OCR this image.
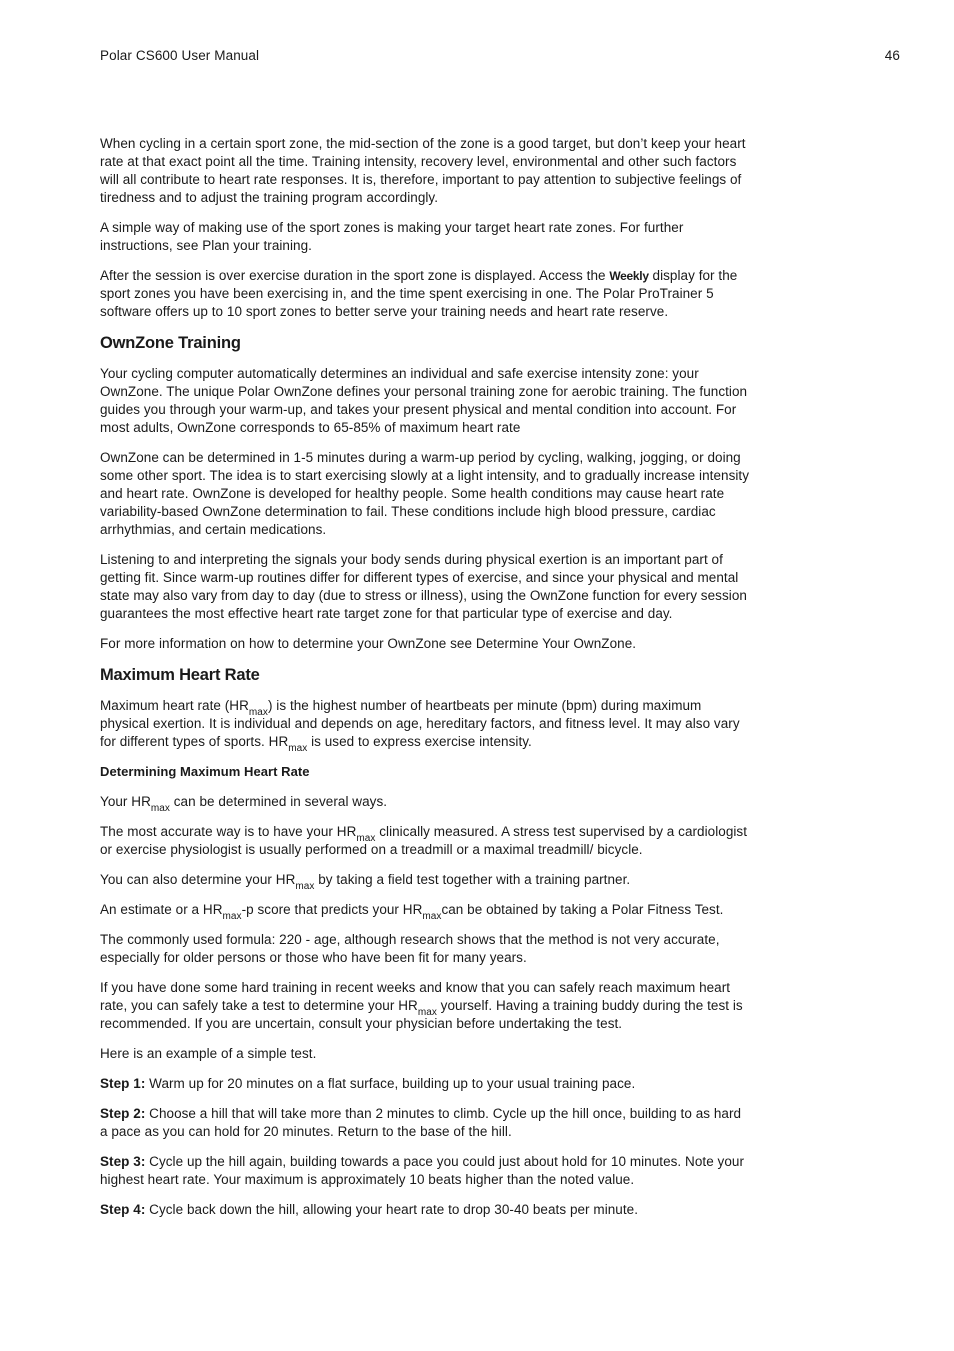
Polar CS600 User Manual	46

When cycling in a certain sport zone, the mid-section of the zone is a good target, but don’t keep your heart rate at that exact point all the time. Training intensity, recovery level, environmental and other such factors will all contribute to heart rate responses. It is, therefore, important to pay attention to subjective feelings of tiredness and to adjust the training program accordingly.

A simple way of making use of the sport zones is making your target heart rate zones. For further instructions, see Plan your training.

After the session is over exercise duration in the sport zone is displayed. Access the Weekly display for the sport zones you have been exercising in, and the time spent exercising in one. The Polar ProTrainer 5 software offers up to 10 sport zones to better serve your training needs and heart rate reserve.

OwnZone Training

Your cycling computer automatically determines an individual and safe exercise intensity zone: your OwnZone. The unique Polar OwnZone defines your personal training zone for aerobic training. The function guides you through your warm-up, and takes your present physical and mental condition into account. For most adults, OwnZone corresponds to 65-85% of maximum heart rate

OwnZone can be determined in 1-5 minutes during a warm-up period by cycling, walking, jogging, or doing some other sport. The idea is to start exercising slowly at a light intensity, and to gradually increase intensity and heart rate. OwnZone is developed for healthy people. Some health conditions may cause heart rate variability-based OwnZone determination to fail. These conditions include high blood pressure, cardiac arrhythmias, and certain medications.

Listening to and interpreting the signals your body sends during physical exertion is an important part of getting fit. Since warm-up routines differ for different types of exercise, and since your physical and mental state may also vary from day to day (due to stress or illness), using the OwnZone function for every session guarantees the most effective heart rate target zone for that particular type of exercise and day.

For more information on how to determine your OwnZone see Determine Your OwnZone.

Maximum Heart Rate

Maximum heart rate $(HR_{max})$ is the highest number of heartbeats per minute (bpm) during maximum physical exertion. It is individual and depends on age, hereditary factors, and fitness level. It may also vary for different types of sports. $HR_{max}$ is used to express exercise intensity.

Determining Maximum Heart Rate

Your $HR_{max}$ can be determined in several ways.

The most accurate way is to have your $HR_{max}$ clinically measured. A stress test supervised by a cardiologist or exercise physiologist is usually performed on a treadmill or a maximal treadmill/ bicycle.

You can also determine your $HR_{max}$ by taking a field test together with a training partner.

An estimate or a $HR_{max}-p$ score that predicts your $HR_{max}can$ be obtained by taking a Polar Fitness Test.

The commonly used formula: 220 - age, although research shows that the method is not very accurate, especially for older persons or those who have been fit for many years.

If you have done some hard training in recent weeks and know that you can safely reach maximum heart rate, you can safely take a test to determine your $HR_{max}$ yourself. Having a training buddy during the test is recommended. If you are uncertain, consult your physician before undertaking the test.

Here is an example of a simple test.

Step 1: Warm up for 20 minutes on a flat surface, building up to your usual training pace.

Step 2: Choose a hill that will take more than 2 minutes to climb. Cycle up the hill once, building to as hard a pace as you can hold for 20 minutes. Return to the base of the hill.

Step 3: Cycle up the hill again, building towards a pace you could just about hold for 10 minutes. Note your highest heart rate. Your maximum is approximately 10 beats higher than the noted value.

Step 4: Cycle back down the hill, allowing your heart rate to drop 30-40 beats per minute.
